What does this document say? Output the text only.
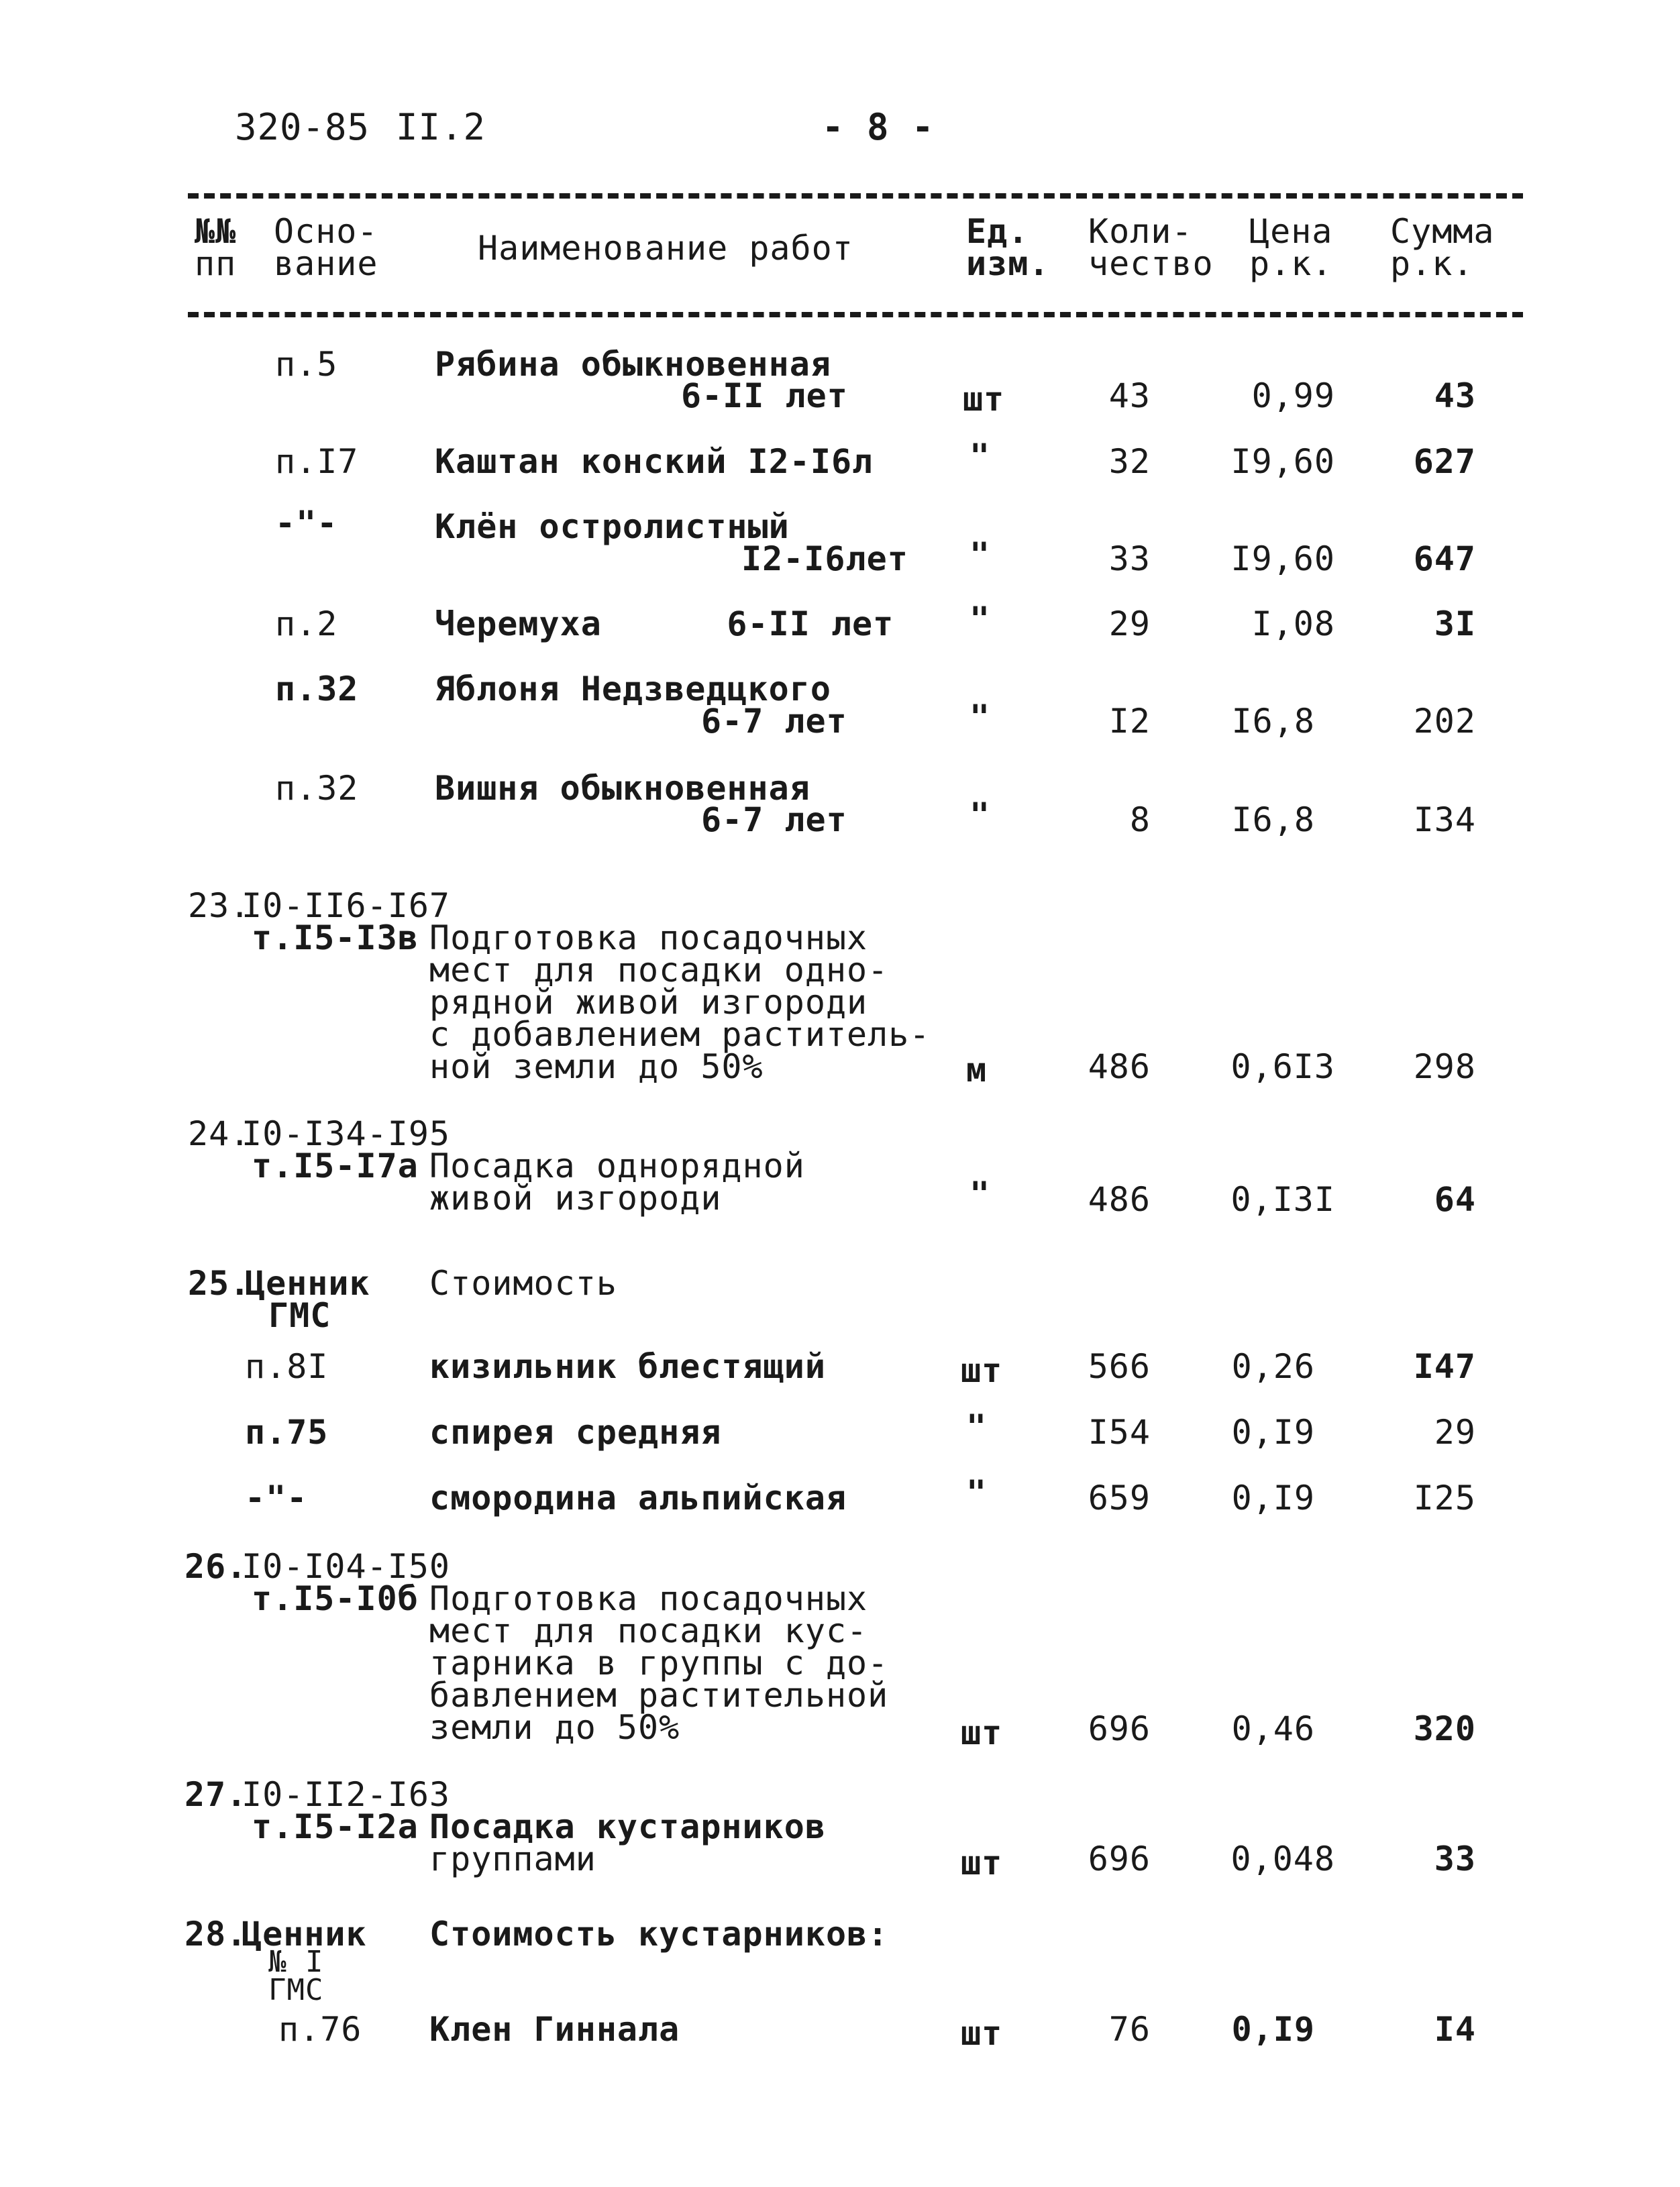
320-85 II.2	- 8 -
№№
пп
Осно-
вание	Наименование работ	Ед.
изм.
Коли-
чество
Цена
р.к.
Сумма
р.к.
п.5	Рябина обыкновенная
6-II лет	шт	43	0,99	43
п.I7 Каштан конский I2-I6л	"	32	I9,60	627
-"-	Клён остролистный
I2-I6лет "	33	I9,60	647
п.2	Черемуха      6-II лет "	29	I,08	3I
п.32 Яблоня Недзведцкого
6-7 лет	"	I2	I6,8	202
п.32 Вишня обыкновенная
6-7 лет	"	8	I6,8	I34
23.
I0-II6-I67
т.I5-I3в Подготовка посадочных
мест для посадки одно-
рядной живой изгороди
с добавлением раститель-
ной земли до 50%	м	486	0,6I3	298
24.
I0-I34-I95
т.I5-I7а Посадка однорядной
живой изгороди	"	486	0,I3I	64
25.
Ценник
ГМС
Стоимость
п.8I	кизильник блестящий	шт	566	0,26	I47
п.75	спирея средняя	"	I54	0,I9	29
-"-	смородина альпийская	"	659	0,I9	I25
26.
I0-I04-I50
т.I5-I0б Подготовка посадочных
мест для посадки кус-
тарника в группы с до-
бавлением растительной
земли до 50%	шт	696	0,46	320
27.
I0-II2-I63
т.I5-I2а Посадка кустарников
группами	шт	696	0,048	33
28.
Ценник
№ I
ГМС
Стоимость кустарников:
п.76 Клен Гиннала	шт	76	0,I9	I4
